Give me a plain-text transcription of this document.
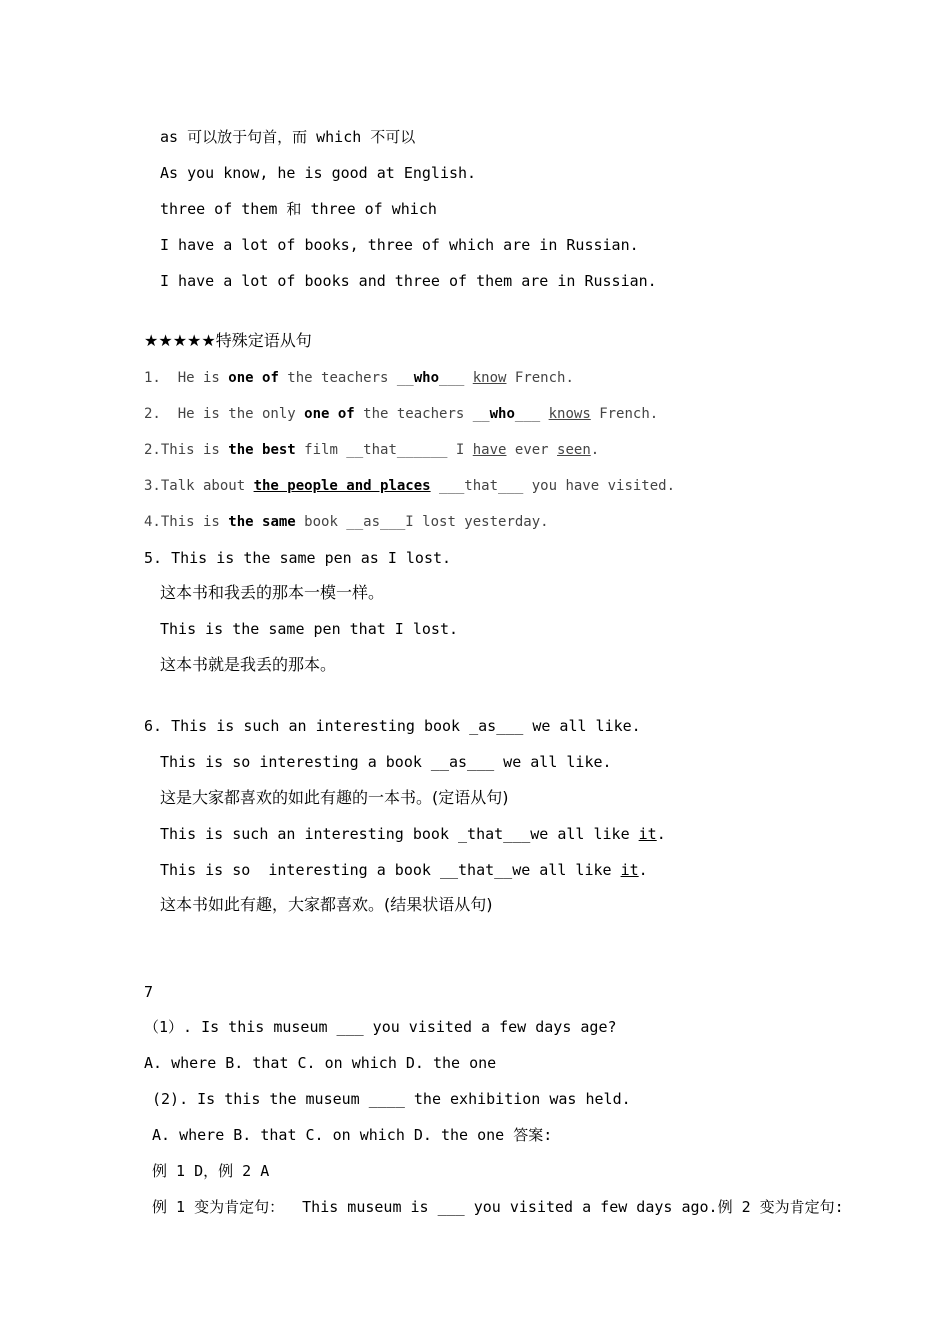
as 可以放于句首，而 which 不可以
As you know, he is good at English.
three of them 和 three of which
I have a lot of books, three of which are in Russian.
I have a lot of books and three of them are in Russian.
★★★★★特殊定语从句
1.  He is one of the teachers __who___ know French.
2.  He is the only one of the teachers __who___ knows French.
2.This is the best film __that______ I have ever seen.
3.Talk about the people and places ___that___ you have visited.
4.This is the same book __as___I lost yesterday.
5. This is the same pen as I lost.
这本书和我丢的那本一模一样。
This is the same pen that I lost.
这本书就是我丢的那本。
6. This is such an interesting book _as___ we all like.
This is so interesting a book __as___ we all like.
这是大家都喜欢的如此有趣的一本书。(定语从句)
This is such an interesting book _that___we all like it.
This is so  interesting a book __that__we all like it.
这本书如此有趣，大家都喜欢。(结果状语从句)
7
（1）. Is this museum ___ you visited a few days age?
A. where B. that C. on which D. the one
(2). Is this the museum ____ the exhibition was held.
A. where B. that C. on which D. the one 答案:
例 1 D，例 2 A
例 1 变为肯定句：  This museum is ___ you visited a few days ago.例 2 变为肯定句:
